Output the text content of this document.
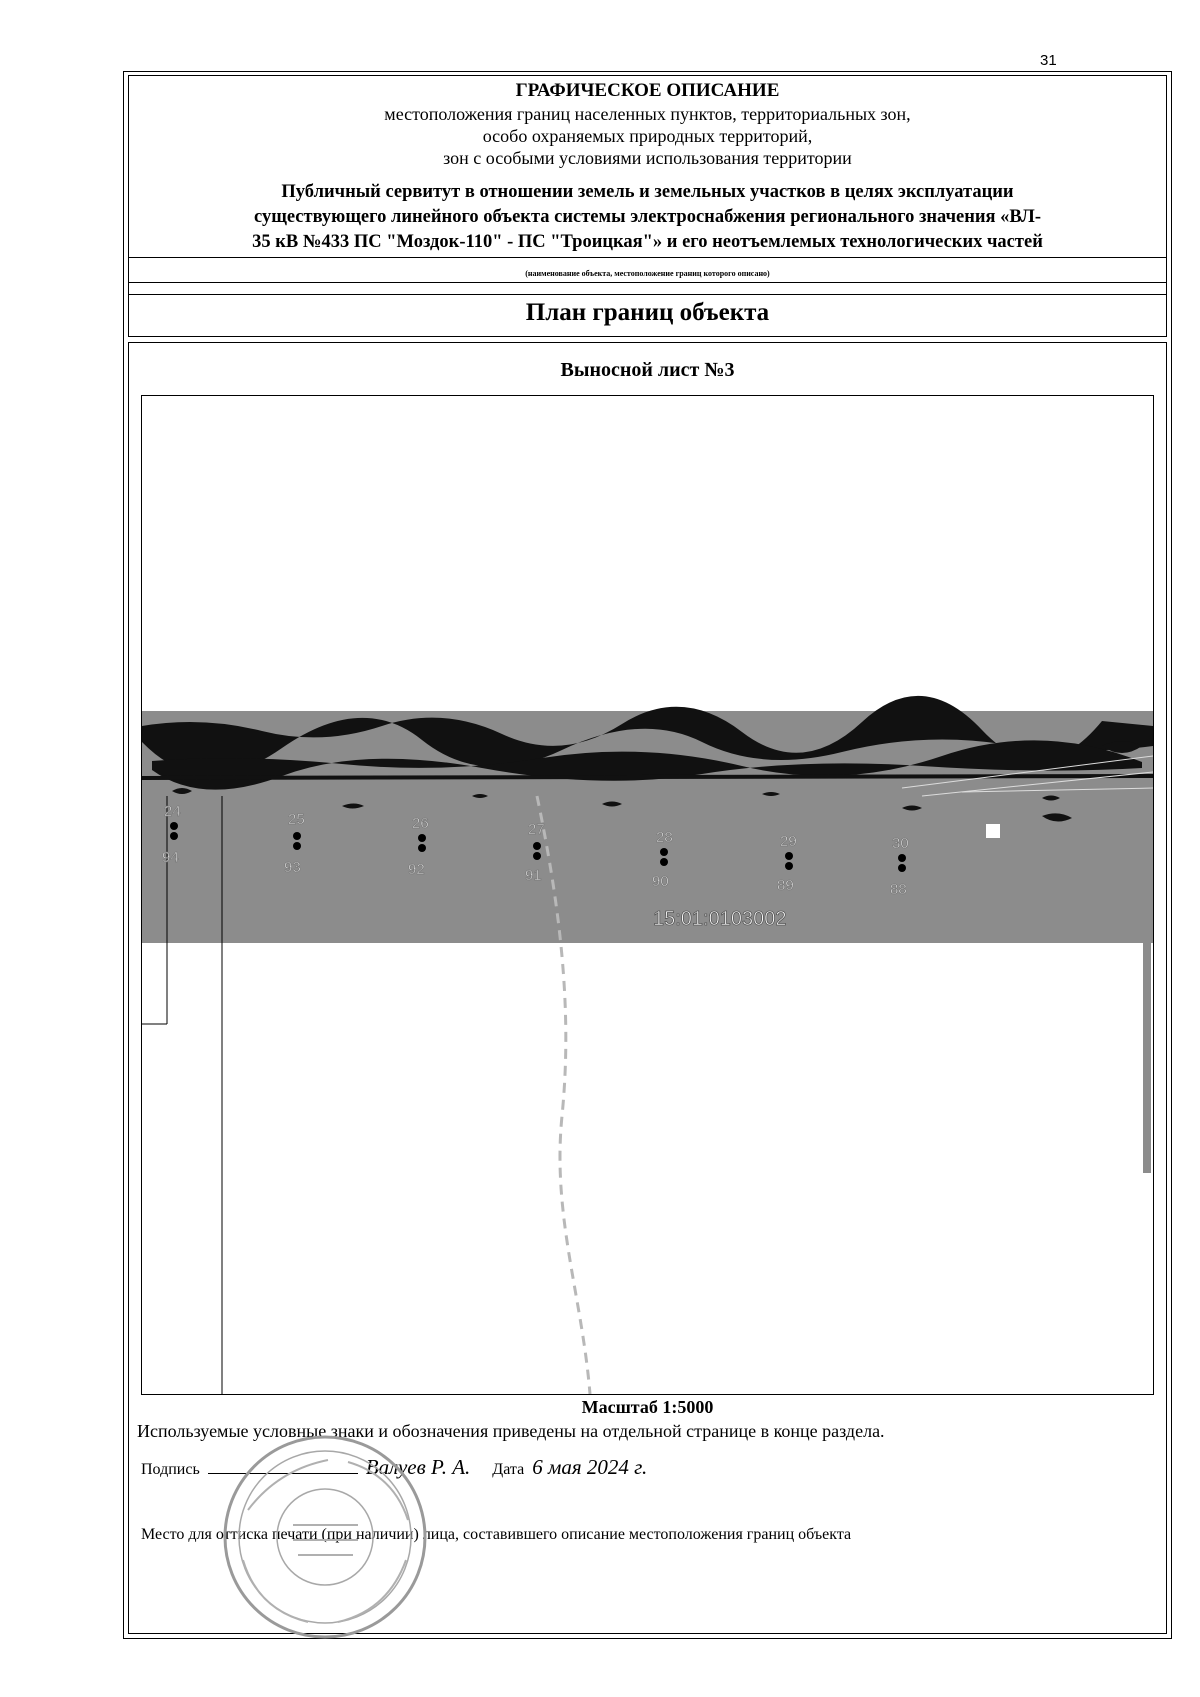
31
ГРАФИЧЕСКОЕ ОПИСАНИЕ
местоположения границ населенных пунктов, территориальных зон,
особо охраняемых природных территорий,
зон с особыми условиями использования территории
Публичный сервитут в отношении земель и земельных участков в целях эксплуатации
существующего линейного объекта системы электроснабжения регионального значения «ВЛ-
35 кВ №433 ПС "Моздок-110" - ПС "Троицкая"» и его неотъемлемых технологических частей
(наименование объекта, местоположение границ которого описано)
План границ объекта
Выносной лист №3
24	25	26	27	28	29	30
94
93	92	91	90	89	88
15:01:0103002
Масштаб 1:5000
Используемые условные знаки и обозначения приведены на отдельной странице в конце раздела.
Подпись	Валуев Р. А. Дата 6 мая 2024 г.
Место для оттиска печати (при наличии) лица, составившего описание местоположения границ объекта
